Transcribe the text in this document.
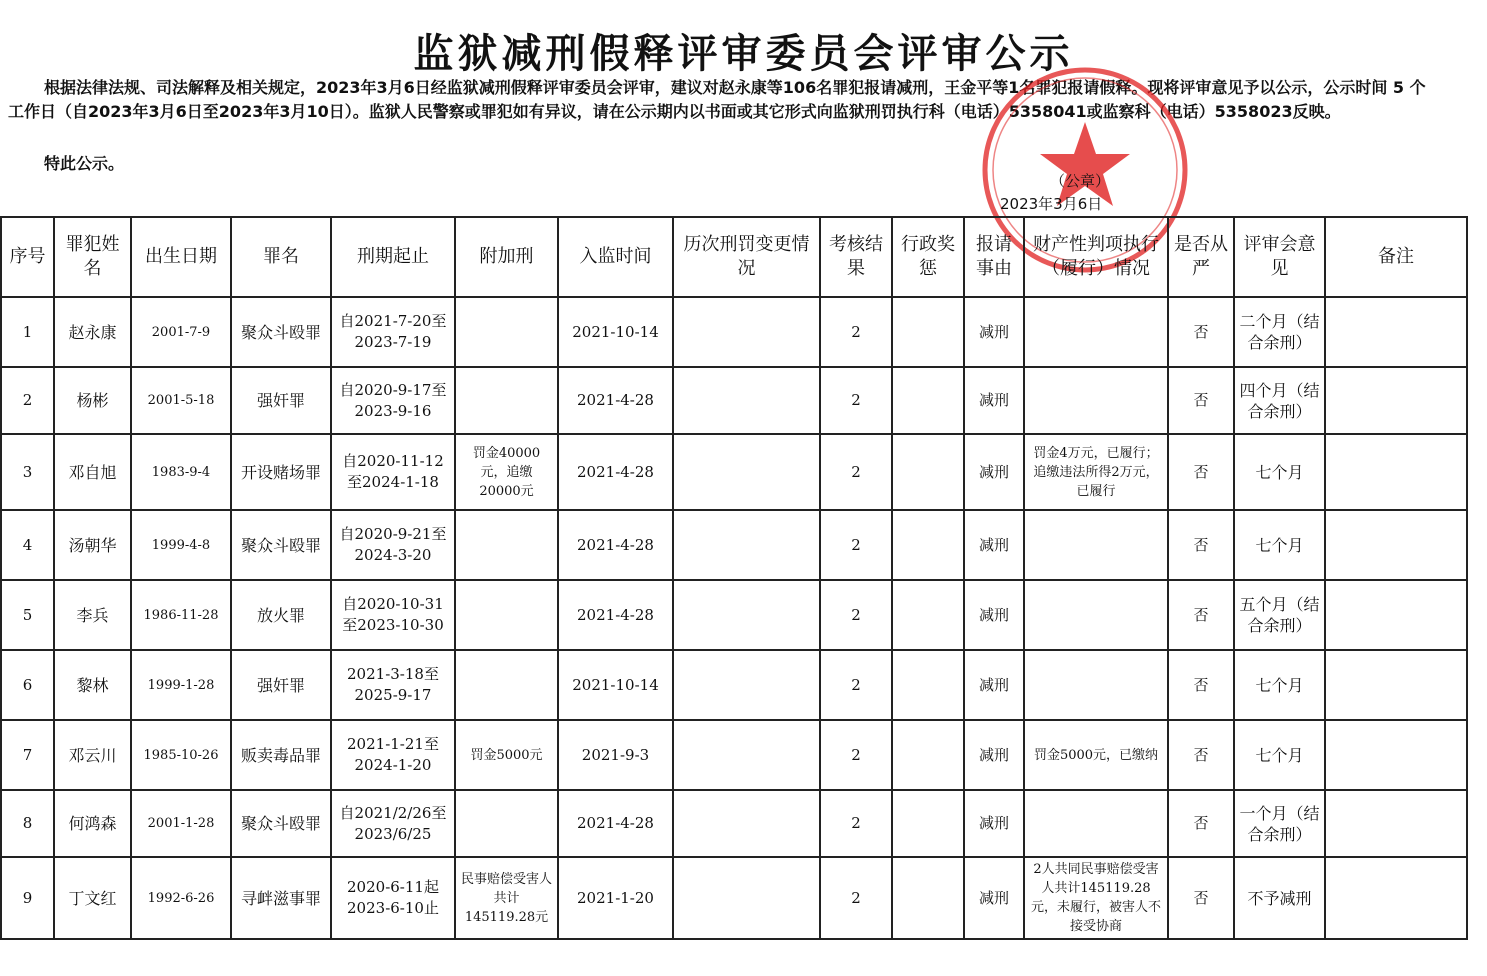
监狱减刑假释评审委员会评审公示
根据法律法规、司法解释及相关规定，2023年3月6日经监狱减刑假释评审委员会评审，建议对赵永康等106名罪犯报请减刑，王金平等1名罪犯报请假释。现将评审意见予以公示，公示时间 5 个工作日（自2023年3月6日至2023年3月10日）。监狱人民警察或罪犯如有异议，请在公示期内以书面或其它形式向监狱刑罚执行科（电话）5358041或监察科（电话）5358023反映。
特此公示。
（公章）
2023年3月6日
序号	罪犯姓名	出生日期	罪名	刑期起止	附加刑	入监时间	历次刑罚变更情况	考核结果	行政奖惩	报请事由	财产性判项执行（履行）情况	是否从严	评审会意见	备注
1	赵永康	2001-7-9	聚众斗殴罪	自2021-7-20至2023-7-19		2021-10-14		2		减刑		否	二个月（结合余刑）	
2	杨彬	2001-5-18	强奸罪	自2020-9-17至2023-9-16		2021-4-28		2		减刑		否	四个月（结合余刑）	
3	邓自旭	1983-9-4	开设赌场罪	自2020-11-12至2024-1-18	罚金40000元，追缴20000元	2021-4-28		2		减刑	罚金4万元，已履行；追缴违法所得2万元，已履行	否	七个月	
4	汤朝华	1999-4-8	聚众斗殴罪	自2020-9-21至2024-3-20		2021-4-28		2		减刑		否	七个月	
5	李兵	1986-11-28	放火罪	自2020-10-31至2023-10-30		2021-4-28		2		减刑		否	五个月（结合余刑）	
6	黎林	1999-1-28	强奸罪	2021-3-18至2025-9-17		2021-10-14		2		减刑		否	七个月	
7	邓云川	1985-10-26	贩卖毒品罪	2021-1-21至2024-1-20	罚金5000元	2021-9-3		2		减刑	罚金5000元，已缴纳	否	七个月	
8	何鸿森	2001-1-28	聚众斗殴罪	自2021/2/26至2023/6/25		2021-4-28		2		减刑		否	一个月（结合余刑）	
9	丁文红	1992-6-26	寻衅滋事罪	2020-6-11起2023-6-10止	民事赔偿受害人共计145119.28元	2021-1-20		2		减刑	2人共同民事赔偿受害人共计145119.28元，未履行，被害人不接受协商	否	不予减刑	
